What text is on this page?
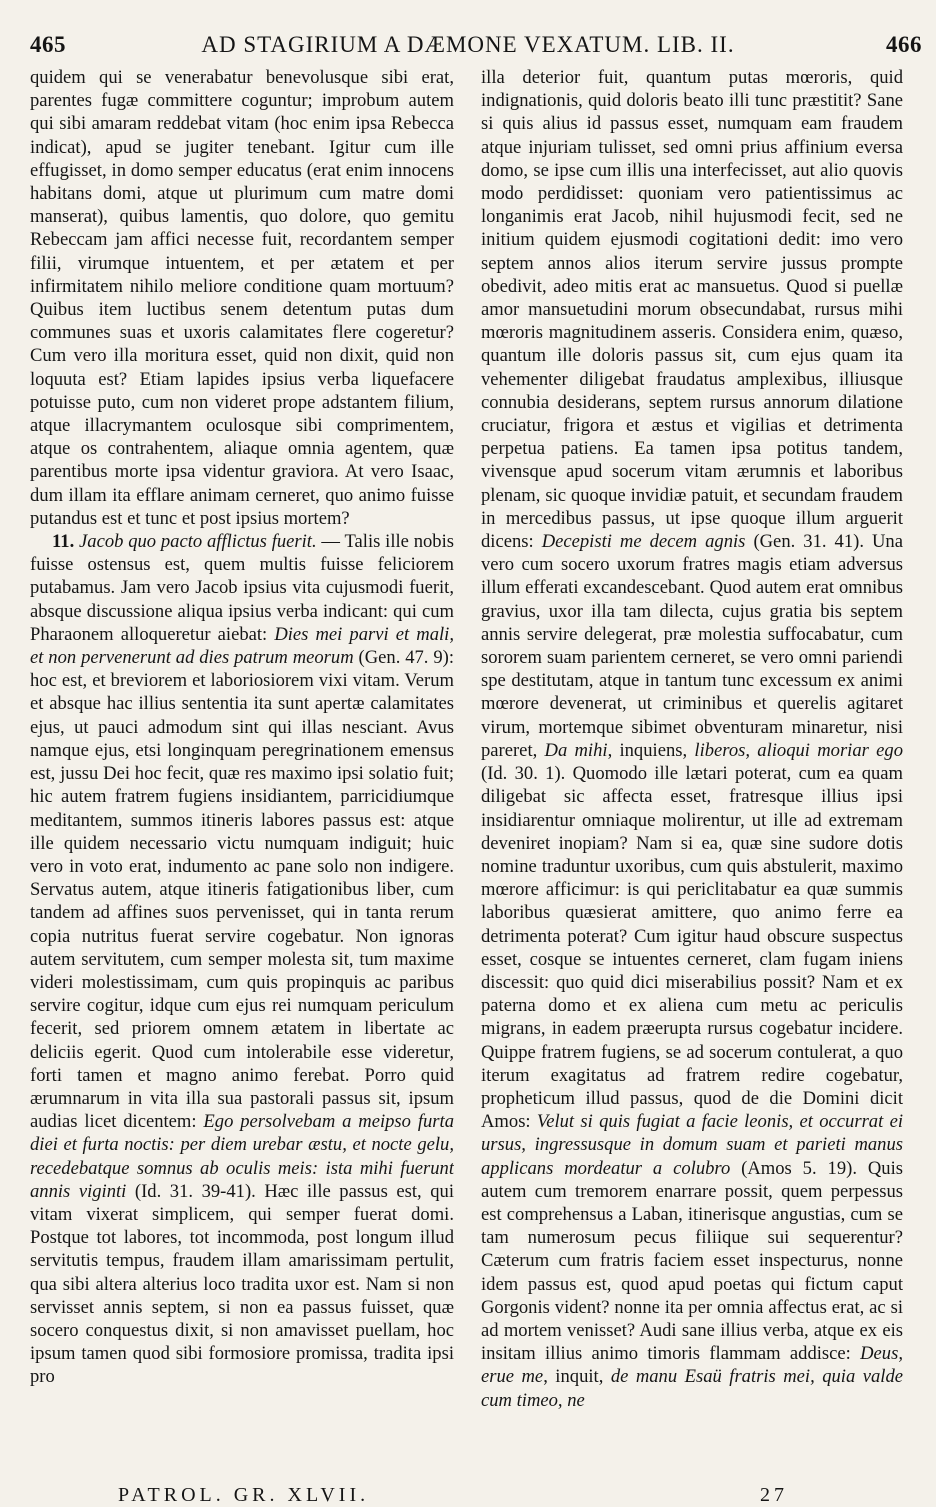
465	AD STAGIRIUM A DÆMONE VEXATUM. LIB. II.	466

quidem qui se venerabatur benevolusque sibi erat, parentes fugæ committere coguntur; improbum autem qui sibi amaram reddebat vitam (hoc enim ipsa Rebecca indicat), apud se jugiter tenebant. Igitur cum ille effugisset, in domo semper educatus (erat enim innocens habitans domi, atque ut plurimum cum matre domi manserat), quibus lamentis, quo dolore, quo gemitu Rebeccam jam affici necesse fuit, recordantem semper filii, virumque intuentem, et per ætatem et per infirmitatem nihilo meliore conditione quam mortuum? Quibus item luctibus senem detentum putas dum communes suas et uxoris calamitates flere cogeretur? Cum vero illa moritura esset, quid non dixit, quid non loquuta est? Etiam lapides ipsius verba liquefacere potuisse puto, cum non videret prope adstantem filium, atque illacrymantem oculosque sibi comprimentem, atque os contrahentem, aliaque omnia agentem, quæ parentibus morte ipsa videntur graviora. At vero Isaac, dum illam ita efflare animam cerneret, quo animo fuisse putandus est et tunc et post ipsius mortem?

11. Jacob quo pacto afflictus fuerit. — Talis ille nobis fuisse ostensus est, quem multis fuisse feliciorem putabamus. Jam vero Jacob ipsius vita cujusmodi fuerit, absque discussione aliqua ipsius verba indicant: qui cum Pharaonem alloqueretur aiebat: Dies mei parvi et mali, et non pervenerunt ad dies patrum meorum (Gen. 47. 9): hoc est, et breviorem et laboriosiorem vixi vitam. Verum et absque hac illius sententia ita sunt apertæ calamitates ejus, ut pauci admodum sint qui illas nesciant. Avus namque ejus, etsi longinquam peregrinationem emensus est, jussu Dei hoc fecit, quæ res maximo ipsi solatio fuit; hic autem fratrem fugiens insidiantem, parricidiumque meditantem, summos itineris labores passus est: atque ille quidem necessario victu numquam indiguit; huic vero in voto erat, indumento ac pane solo non indigere. Servatus autem, atque itineris fatigationibus liber, cum tandem ad affines suos pervenisset, qui in tanta rerum copia nutritus fuerat servire cogebatur. Non ignoras autem servitutem, cum semper molesta sit, tum maxime videri molestissimam, cum quis propinquis ac paribus servire cogitur, idque cum ejus rei numquam periculum fecerit, sed priorem omnem ætatem in libertate ac deliciis egerit. Quod cum intolerabile esse videretur, forti tamen et magno animo ferebat. Porro quid ærumnarum in vita illa sua pastorali passus sit, ipsum audias licet dicentem: Ego persolvebam a meipso furta diei et furta noctis: per diem urebar æstu, et nocte gelu, recedebatque somnus ab oculis meis: ista mihi fuerunt annis viginti (Id. 31. 39-41). Hæc ille passus est, qui vitam vixerat simplicem, qui semper fuerat domi. Postque tot labores, tot incommoda, post longum illud servitutis tempus, fraudem illam amarissimam pertulit, qua sibi altera alterius loco tradita uxor est. Nam si non servisset annis septem, si non ea passus fuisset, quæ socero conquestus dixit, si non amavisset puellam, hoc ipsum tamen quod sibi formosiore promissa, tradita ipsi pro

illa deterior fuit, quantum putas mœroris, quid indignationis, quid doloris beato illi tunc præstitit? Sane si quis alius id passus esset, numquam eam fraudem atque injuriam tulisset, sed omni prius affinium eversa domo, se ipse cum illis una interfecisset, aut alio quovis modo perdidisset: quoniam vero patientissimus ac longanimis erat Jacob, nihil hujusmodi fecit, sed ne initium quidem ejusmodi cogitationi dedit: imo vero septem annos alios iterum servire jussus prompte obedivit, adeo mitis erat ac mansuetus. Quod si puellæ amor mansuetudini morum obsecundabat, rursus mihi mœroris magnitudinem asseris. Considera enim, quæso, quantum ille doloris passus sit, cum ejus quam ita vehementer diligebat fraudatus amplexibus, illiusque connubia desiderans, septem rursus annorum dilatione cruciatur, frigora et æstus et vigilias et detrimenta perpetua patiens. Ea tamen ipsa potitus tandem, vivensque apud socerum vitam ærumnis et laboribus plenam, sic quoque invidiæ patuit, et secundam fraudem in mercedibus passus, ut ipse quoque illum arguerit dicens: Decepisti me decem agnis (Gen. 31. 41). Una vero cum socero uxorum fratres magis etiam adversus illum efferati excandescebant. Quod autem erat omnibus gravius, uxor illa tam dilecta, cujus gratia bis septem annis servire delegerat, præ molestia suffocabatur, cum sororem suam parientem cerneret, se vero omni pariendi spe destitutam, atque in tantum tunc excessum ex animi mœrore devenerat, ut criminibus et querelis agitaret virum, mortemque sibimet obventuram minaretur, nisi pareret, Da mihi, inquiens, liberos, alioqui moriar ego (Id. 30. 1). Quomodo ille lætari poterat, cum ea quam diligebat sic affecta esset, fratresque illius ipsi insidiarentur omniaque molirentur, ut ille ad extremam deveniret inopiam? Nam si ea, quæ sine sudore dotis nomine traduntur uxoribus, cum quis abstulerit, maximo mœrore afficimur: is qui periclitabatur ea quæ summis laboribus quæsierat amittere, quo animo ferre ea detrimenta poterat? Cum igitur haud obscure suspectus esset, cosque se intuentes cerneret, clam fugam iniens discessit: quo quid dici miserabilius possit? Nam et ex paterna domo et ex aliena cum metu ac periculis migrans, in eadem præerupta rursus cogebatur incidere. Quippe fratrem fugiens, se ad socerum contulerat, a quo iterum exagitatus ad fratrem redire cogebatur, propheticum illud passus, quod de die Domini dicit Amos: Velut si quis fugiat a facie leonis, et occurrat ei ursus, ingressusque in domum suam et parieti manus applicans mordeatur a colubro (Amos 5. 19). Quis autem cum tremorem enarrare possit, quem perpessus est comprehensus a Laban, itinerisque angustias, cum se tam numerosum pecus filiique sui sequerentur? Cæterum cum fratris faciem esset inspecturus, nonne idem passus est, quod apud poetas qui fictum caput Gorgonis vident? nonne ita per omnia affectus erat, ac si ad mortem venisset? Audi sane illius verba, atque ex eis insitam illius animo timoris flammam addisce: Deus, erue me, inquit, de manu Esaü fratris mei, quia valde cum timeo, ne

PATROL. GR. XLVII.	27
